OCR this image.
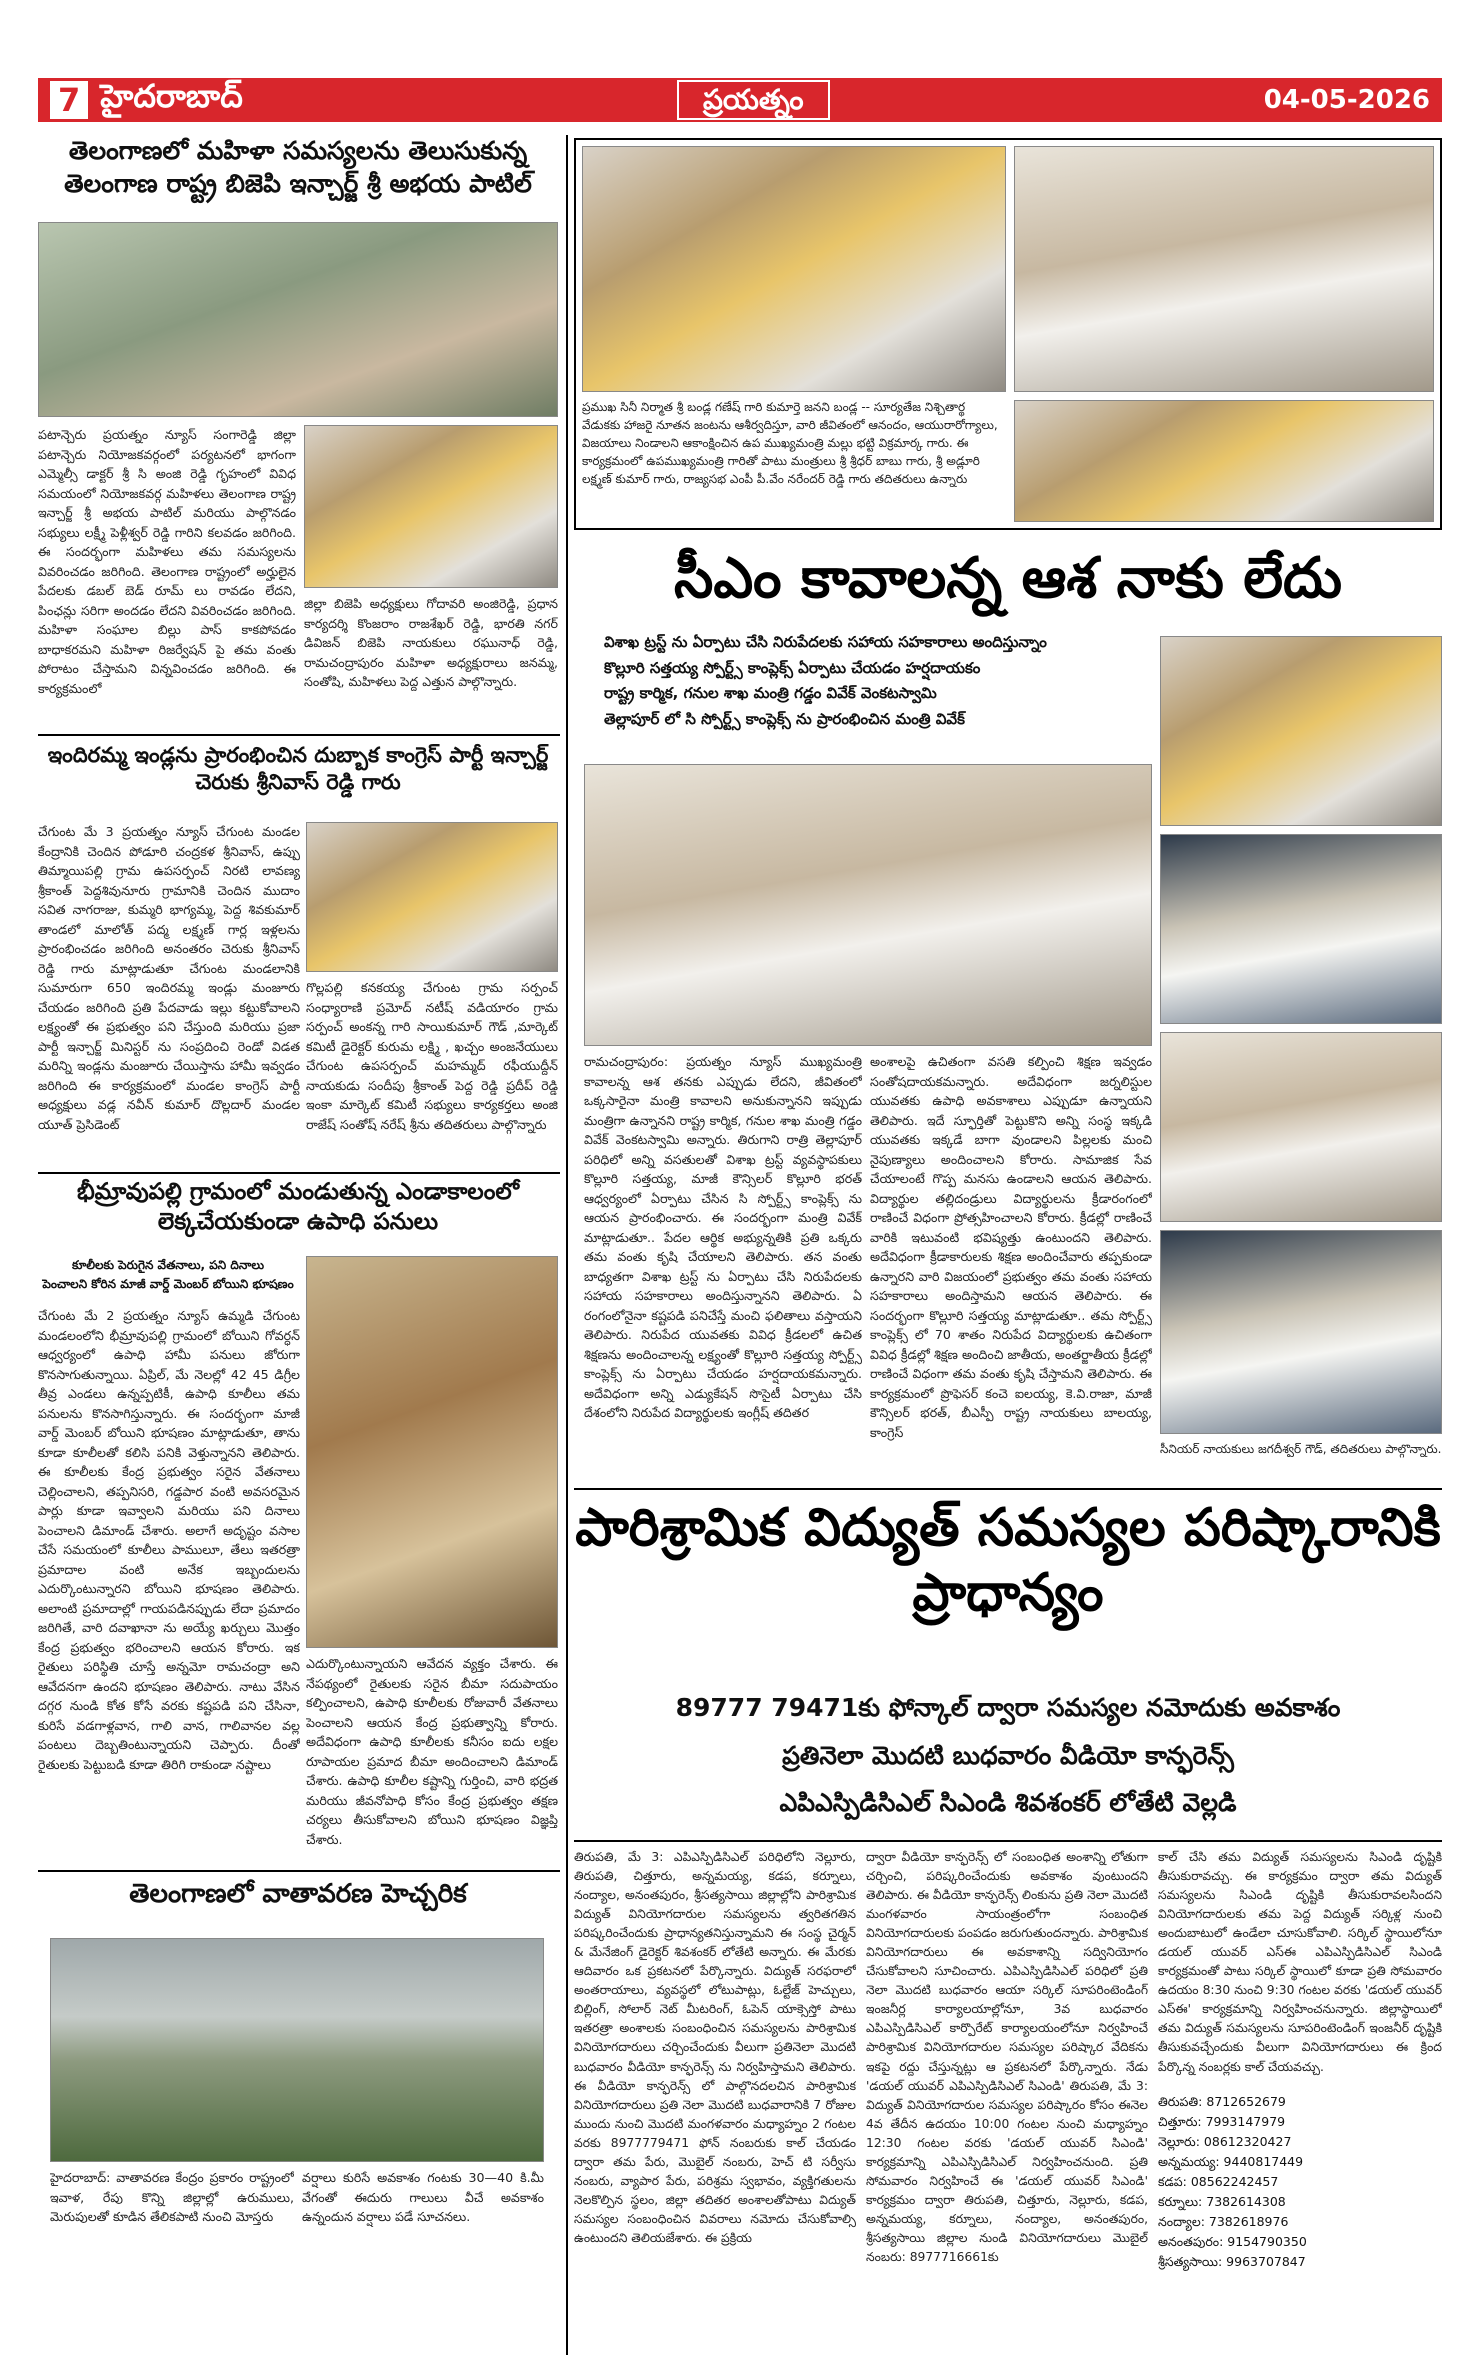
7 హైదరాబాద్	ప్రయత్నం	04-05-2026
తెలంగాణలో మహిళా సమస్యలను తెలుసుకున్న తెలంగాణ రాష్ట్ర బిజెపి ఇన్చార్జ్ శ్రీ అభయ పాటిల్
పటాన్చెరు ప్రయత్నం న్యూస్ సంగారెడ్డి జిల్లా పటాన్చెరు నియోజకవర్గంలో పర్యటనలో భాగంగా ఎమ్మెల్సీ డాక్టర్ శ్రీ సి అంజి రెడ్డి గృహంలో వివిధ సమయంలో నియోజకవర్గ మహిళలు తెలంగాణ రాష్ట్ర ఇన్చార్జ్ శ్రీ అభయ పాటిల్ మరియు పాల్గొనడం సభ్యులు లక్ష్మీ పెళ్లీశ్వర్ రెడ్డి గారిని కలవడం జరిగింది. ఈ సందర్భంగా మహిళలు తమ సమస్యలను వివరించడం జరిగింది. తెలంగాణ రాష్ట్రంలో అర్హులైన పేదలకు డబల్ బెడ్ రూమ్ లు రావడం లేదని, పింఛన్లు సరిగా అందడం లేదని వివరించడం జరిగింది. మహిళా సంఘాల బిల్లు పాస్ కాకపోవడం బాధాకరమని మహిళా రిజర్వేషన్ పై తమ వంతు పోరాటం చేస్తామని విన్నవించడం జరిగింది. ఈ కార్యక్రమంలో
జిల్లా బిజెపి అధ్యక్షులు గోదావరి అంజిరెడ్డి, ప్రధాన కార్యదర్శి కొంజరాం రాజశేఖర్ రెడ్డి, భారతి నగర్ డివిజన్ బిజెపి నాయకులు రఘునాధ్ రెడ్డి, రామచంద్రాపురం మహిళా అధ్యక్షురాలు జనమ్మ, సంతోషి, మహిళలు పెద్ద ఎత్తున పాల్గొన్నారు.
ప్రముఖ సినీ నిర్మాత శ్రీ బండ్ల గణేష్ గారి కుమార్తె జనని బండ్ల -- సూర్యతేజ నిశ్చితార్థ వేడుకకు హాజరై నూతన జంటను ఆశీర్వదిస్తూ, వారి జీవితంలో ఆనందం, ఆయురారోగ్యాలు, విజయాలు నిండాలని ఆకాంక్షించిన ఉప ముఖ్యమంత్రి మల్లు భట్టి విక్రమార్క గారు. ఈ కార్యక్రమంలో ఉపముఖ్యమంత్రి గారితో పాటు మంత్రులు శ్రీ శ్రీధర్ బాబు గారు, శ్రీ అడ్లూరి లక్ష్మణ్ కుమార్ గారు, రాజ్యసభ ఎంపీ పీ.వేం నరేందర్ రెడ్డి గారు తదితరులు ఉన్నారు
సీఎం కావాలన్న ఆశ నాకు లేదు
విశాఖ ట్రస్ట్ ను ఏర్పాటు చేసి నిరుపేదలకు సహాయ సహకారాలు అందిస్తున్నాం
కొల్లూరి సత్తయ్య స్పోర్ట్స్ కాంప్లెక్స్ ఏర్పాటు చేయడం హర్షదాయకం
రాష్ట్ర కార్మిక, గనుల శాఖ మంత్రి గడ్డం వివేక్ వెంకటస్వామి
తెల్లాపూర్ లో సి స్పోర్ట్స్ కాంప్లెక్స్ ను ప్రారంభించిన మంత్రి వివేక్
రామచంద్రాపురం: ప్రయత్నం న్యూస్ ముఖ్యమంత్రి కావాలన్న ఆశ తనకు ఎప్పుడు లేదని, జీవితంలో ఒక్కసారైనా మంత్రి కావాలని అనుకున్నానని ఇప్పుడు మంత్రిగా ఉన్నానని రాష్ట్ర కార్మిక, గనుల శాఖ మంత్రి గడ్డం వివేక్ వెంకటస్వామి అన్నారు. తిరుగాని రాత్రి తెల్లాపూర్ పరిధిలో అన్ని వసతులతో విశాఖ ట్రస్ట్ వ్యవస్థాపకులు కొల్లూరి సత్తయ్య, మాజీ కౌన్సిలర్ కొల్లూరి భరత్ ఆధ్వర్యంలో ఏర్పాటు చేసిన సి స్పోర్ట్స్ కాంప్లెక్స్ ను ఆయన ప్రారంభించారు. ఈ సందర్భంగా మంత్రి వివేక్ మాట్లాడుతూ.. పేదల ఆర్థిక అభ్యున్నతికి ప్రతి ఒక్కరు తమ వంతు కృషి చేయాలని తెలిపారు. తన వంతు బాధ్యతగా విశాఖ ట్రస్ట్ ను ఏర్పాటు చేసి నిరుపేదలకు సహాయ సహకారాలు అందిస్తున్నానని తెలిపారు. ఏ రంగంలోనైనా కష్టపడి పనిచేస్తే మంచి ఫలితాలు వస్తాయని తెలిపారు. నిరుపేద యువతకు వివిధ క్రీడలలో ఉచిత శిక్షణను అందించాలన్న లక్ష్యంతో కొల్లూరి సత్తయ్య స్పోర్ట్స్ కాంప్లెక్స్ ను ఏర్పాటు చేయడం హర్షదాయకమన్నారు. అదేవిధంగా అన్ని ఎడ్యుకేషన్ సొసైటీ ఏర్పాటు చేసి దేశంలోని నిరుపేద విద్యార్థులకు ఇంగ్లీష్ తదితర
అంశాలపై ఉచితంగా వసతి కల్పించి శిక్షణ ఇవ్వడం సంతోషదాయకమన్నారు. అదేవిధంగా జర్నలిస్టుల యువతకు ఉపాధి అవకాశాలు ఎప్పుడూ ఉన్నాయని తెలిపారు. ఇదే స్ఫూర్తితో పెట్టుకొని అన్ని సంస్థ ఇక్కడి యువతకు ఇక్కడే బాగా వుండాలని పిల్లలకు మంచి నైపుణ్యాలు అందించాలని కోరారు. సామాజిక సేవ చేయాలంటే గొప్ప మనసు ఉండాలని ఆయన తెలిపారు. విద్యార్థుల తల్లిదండ్రులు విద్యార్థులను క్రీడారంగంలో రాణించే విధంగా ప్రోత్సహించాలని కోరారు. క్రీడల్లో రాణించే వారికి ఇటువంటి భవిష్యత్తు ఉంటుందని తెలిపారు. అదేవిధంగా క్రీడాకారులకు శిక్షణ అందించేవారు తప్పకుండా ఉన్నారని వారి విజయంలో ప్రభుత్వం తమ వంతు సహాయ సహకారాలు అందిస్తామని ఆయన తెలిపారు. ఈ సందర్భంగా కొల్లూరి సత్తయ్య మాట్లాడుతూ.. తమ స్పోర్ట్స్ కాంప్లెక్స్ లో 70 శాతం నిరుపేద విద్యార్థులకు ఉచితంగా వివిధ క్రీడల్లో శిక్షణ అందించి జాతీయ, అంతర్జాతీయ క్రీడల్లో రాణించే విధంగా తమ వంతు కృషి చేస్తామని తెలిపారు. ఈ కార్యక్రమంలో ప్రొఫెసర్ కంచె ఐలయ్య, కె.వి.రాజా, మాజీ కౌన్సిలర్ భరత్, బీఎస్పీ రాష్ట్ర నాయకులు బాలయ్య, కాంగ్రెస్
సీనియర్ నాయకులు జగదీశ్వర్ గౌడ్, తదితరులు పాల్గొన్నారు.
ఇందిరమ్మ ఇండ్లను ప్రారంభించిన దుబ్బాక కాంగ్రెస్ పార్టీ ఇన్చార్జ్ చెరుకు శ్రీనివాస్ రెడ్డి గారు
చేగుంట మే 3 ప్రయత్నం న్యూస్ చేగుంట మండల కేంద్రానికి చెందిన పోడూరి చంద్రకళ శ్రీనివాస్, ఉప్పు తిమ్మాయిపల్లి గ్రామ ఉపసర్పంచ్ నిరటి లావణ్య శ్రీకాంత్ పెద్దశివునూరు గ్రామానికి చెందిన ముదాం సవిత నాగరాజు, కుమ్మరి భాగ్యమ్మ, పెద్ద శివకుమార్ తాండలో మాలోత్ పద్మ లక్ష్మణ్ గార్ల ఇళ్లలను ప్రారంభించడం జరిగింది అనంతరం చెరుకు శ్రీనివాస్ రెడ్డి గారు మాట్లాడుతూ చేగుంట మండలానికి సుమారుగా 650 ఇందిరమ్మ ఇండ్లు మంజూరు చేయడం జరిగింది ప్రతి పేదవాడు ఇల్లు కట్టుకోవాలని లక్ష్యంతో ఈ ప్రభుత్వం పని చేస్తుంది మరియు ప్రజా పార్టీ ఇన్చార్జ్ మినిస్టర్ ను సంప్రదించి రెండో విడత మరిన్ని ఇండ్లను మంజూరు చేయిస్తాను హామీ ఇవ్వడం జరిగింది ఈ కార్యక్రమంలో మండల కాంగ్రెస్ పార్టీ అధ్యక్షులు వడ్ల నవీన్ కుమార్ దొల్లదార్ మండల యూత్ ప్రెసిడెంట్
గొల్లపల్లి కనకయ్య చేగుంట గ్రామ సర్పంచ్ సంధ్యారాణి ప్రమోద్ నటీష్ వడియారం గ్రామ సర్పంచ్ అంకన్న గారి సాయికుమార్ గౌడ్ ,మార్కెట్ కమిటీ డైరెక్టర్ కురుమ లక్ష్మి , ఖచ్చం అంజనేయులు చేగుంట ఉపసర్పంచ్ మహమ్మద్ రఫీయుద్దీన్ నాయకుడు సందీపు శ్రీకాంత్ పెద్ద రెడ్డి ప్రదీప్ రెడ్డి ఇంకా మార్కెట్ కమిటీ సభ్యులు కార్యకర్తలు అంజి రాజేష్ సంతోష్ నరేష్ శ్రీను తదితరులు పాల్గొన్నారు
భీమ్రావుపల్లి గ్రామంలో మండుతున్న ఎండాకాలంలో లెక్కచేయకుండా ఉపాధి పనులు
కూలీలకు పెరుగైన వేతనాలు, పని దినాలు
పెంచాలని కోరిన మాజీ వార్డ్ మెంబర్ బోయిని భూషణం
చేగుంట మే 2 ప్రయత్నం న్యూస్ ఉమ్మడి చేగుంట మండలంలోని భీమ్రావుపల్లి గ్రామంలో బోయిని గోవర్ధన్ ఆధ్వర్యంలో ఉపాధి హామీ పనులు జోరుగా కొనసాగుతున్నాయి. ఏప్రిల్, మే నెలల్లో 42 45 డిగ్రీల తీవ్ర ఎండలు ఉన్నప్పటికీ, ఉపాధి కూలీలు తమ పనులను కొనసాగిస్తున్నారు. ఈ సందర్భంగా మాజీ వార్డ్ మెంబర్ బోయిని భూషణం మాట్లాడుతూ, తాను కూడా కూలీలతో కలిసి పనికి వెళ్తున్నానని తెలిపారు. ఈ కూలీలకు కేంద్ర ప్రభుత్వం సరైన వేతనాలు చెల్లించాలని, తప్పనిసరి, గడ్డపార వంటి అవసరమైన పార్లు కూడా ఇవ్వాలని మరియు పని దినాలు పెంచాలని డిమాండ్ చేశారు. అలాగే అదృష్టం వసాల చేసే సమయంలో కూలీలు పాములూ, తేలు ఇతరత్రా ప్రమాదాల వంటి అనేక ఇబ్బందులను ఎదుర్కొంటున్నారని బోయిని భూషణం తెలిపారు. అలాంటి ప్రమాదాల్లో గాయపడినప్పుడు లేదా ప్రమాదం జరిగితే, వారి దవాఖానా ను అయ్యే ఖర్చులు మొత్తం కేంద్ర ప్రభుత్వం భరించాలని ఆయన కోరారు. ఇక రైతులు పరిస్థితి చూస్తే అన్నమో రామచంద్రా అని ఆవేదనగా ఉందని భూషణం తెలిపారు. నాటు వేసిన దగ్గర నుండి కోత కోసే వరకు కష్టపడి పని చేసినా, కురిసే వడగాళ్లవాన, గాలి వాన, గాలివానల వల్ల పంటలు దెబ్బతింటున్నాయని చెప్పారు. దీంతో రైతులకు పెట్టుబడి కూడా తిరిగి రాకుండా నష్టాలు
ఎదుర్కొంటున్నాయని ఆవేదన వ్యక్తం చేశారు. ఈ నేపథ్యంలో రైతులకు సరైన బీమా సదుపాయం కల్పించాలని, ఉపాధి కూలీలకు రోజువారీ వేతనాలు పెంచాలని ఆయన కేంద్ర ప్రభుత్వాన్ని కోరారు. అదేవిధంగా ఉపాధి కూలీలకు కనీసం ఐదు లక్షల రూపాయల ప్రమాద బీమా అందించాలని డిమాండ్ చేశారు. ఉపాధి కూలీల కష్టాన్ని గుర్తించి, వారి భద్రత మరియు జీవనోపాధి కోసం కేంద్ర ప్రభుత్వం తక్షణ చర్యలు తీసుకోవాలని బోయిని భూషణం విజ్ఞప్తి చేశారు.
తెలంగాణలో వాతావరణ హెచ్చరిక
హైదరాబాద్: వాతావరణ కేంద్రం ప్రకారం రాష్ట్రంలో ఇవాళ, రేపు కొన్ని జిల్లాల్లో ఉరుములు, మెరుపులతో కూడిన తేలికపాటి నుంచి మోస్తరు
వర్షాలు కురిసే అవకాశం గంటకు 30—40 కి.మీ వేగంతో ఈదురు గాలులు వీచే అవకాశం ఉన్నందున వర్షాలు పడే సూచనలు.
పారిశ్రామిక విద్యుత్ సమస్యల పరిష్కారానికి ప్రాధాన్యం
89777 79471కు ఫోన్కాల్ ద్వారా సమస్యల నమోదుకు అవకాశం
ప్రతినెలా మొదటి బుధవారం వీడియో కాన్ఫరెన్స్
ఎపిఎస్పిడిసిఎల్ సిఎండి శివశంకర్ లోతేటి వెల్లడి
తిరుపతి, మే 3: ఎపిఎస్పిడిసిఎల్ పరిధిలోని నెల్లూరు, తిరుపతి, చిత్తూరు, అన్నమయ్య, కడప, కర్నూలు, నంద్యాల, అనంతపురం, శ్రీసత్యసాయి జిల్లాల్లోని పారిశ్రామిక విద్యుత్ వినియోగదారుల సమస్యలను త్వరితగతిన పరిష్కరించేందుకు ప్రాధాన్యతనిస్తున్నామని ఈ సంస్థ చైర్మన్ & మేనేజింగ్ డైరెక్టర్ శివశంకర్ లోతేటి అన్నారు. ఈ మేరకు ఆదివారం ఒక ప్రకటనలో పేర్కొన్నారు. విద్యుత్ సరఫరాలో అంతరాయాలు, వ్యవస్థలో లోటుపాట్లు, ఓల్టేజ్ హెచ్చులు, బిల్లింగ్, సోలార్ నెట్ మీటరింగ్, ఓపెన్ యాక్సెస్తో పాటు ఇతరత్రా అంశాలకు సంబంధించిన సమస్యలను పారిశ్రామిక వినియోగదారులు చర్చించేందుకు వీలుగా ప్రతినెలా మొదటి బుధవారం వీడియో కాన్ఫరెన్స్ ను నిర్వహిస్తామని తెలిపారు. ఈ వీడియో కాన్ఫరెన్స్ లో పాల్గొనదలచిన పారిశ్రామిక వినియోగదారులు ప్రతి నెలా మొదటి బుధవారానికి 7 రోజుల ముందు నుంచి మొదటి మంగళవారం మధ్యాహ్నం 2 గంటల వరకు 8977779471 ఫోన్ నంబరుకు కాల్ చేయడం ద్వారా తమ పేరు, మొబైల్ నంబరు, హెచ్ టి సర్వీసు నంబరు, వ్యాపార పేరు, పరిశ్రమ స్వభావం, వ్యక్తిగతులను నెలకొల్పిన స్థలం, జిల్లా తదితర అంశాలతోపాటు విద్యుత్ సమస్యల సంబంధించిన వివరాలు నమోదు చేసుకోవాల్సి ఉంటుందని తెలియజేశారు. ఈ ప్రక్రియ
ద్వారా వీడియో కాన్ఫరెన్స్ లో సంబంధిత అంశాన్ని లోతుగా చర్చించి, పరిష్కరించేందుకు అవకాశం వుంటుందని తెలిపారు. ఈ వీడియో కాన్ఫరెన్స్ లింకును ప్రతి నెలా మొదటి మంగళవారం సాయంత్రంలోగా సంబంధిత వినియోగదారులకు పంపడం జరుగుతుందన్నారు. పారిశ్రామిక వినియోగదారులు ఈ అవకాశాన్ని సద్వినియోగం చేసుకోవాలని సూచించారు. ఎపిఎస్పిడిసిఎల్ పరిధిలో ప్రతి నెలా మొదటి బుధవారం ఆయా సర్కిల్ సూపరింటెండింగ్ ఇంజనీర్ల కార్యాలయాల్లోనూ, 3వ బుధవారం ఎపిఎస్పిడిసిఎల్ కార్పొరేట్ కార్యాలయంలోనూ నిర్వహించే పారిశ్రామిక వినియోగదారుల సమస్యల పరిష్కార వేదికను ఇకపై రద్దు చేస్తున్నట్లు ఆ ప్రకటనలో పేర్కొన్నారు. నేడు 'డయల్ యువర్ ఎపిఎస్పిడిసిఎల్ సిఎండి' తిరుపతి, మే 3: విద్యుత్ వినియోగదారుల సమస్యల పరిష్కారం కోసం ఈనెల 4వ తేదీన ఉదయం 10:00 గంటల నుంచి మధ్యాహ్నం 12:30 గంటల వరకు 'డయల్ యువర్ సిఎండి' కార్యక్రమాన్ని ఎపిఎస్పిడిసిఎల్ నిర్వహించనుంది. ప్రతి సోమవారం నిర్వహించే ఈ 'డయల్ యువర్ సిఎండి' కార్యక్రమం ద్వారా తిరుపతి, చిత్తూరు, నెల్లూరు, కడప, అన్నమయ్య, కర్నూలు, నంద్యాల, అనంతపురం, శ్రీసత్యసాయి జిల్లాల నుండి వినియోగదారులు మొబైల్ నంబరు: 8977716661కు
కాల్ చేసి తమ విద్యుత్ సమస్యలను సిఎండి దృష్టికి తీసుకురావచ్చు. ఈ కార్యక్రమం ద్వారా తమ విద్యుత్ సమస్యలను సిఎండి దృష్టికి తీసుకురావలసిందని వినియోగదారులకు తమ పెద్ద విద్యుత్ సర్కిళ్ల నుంచి అందుబాటులో ఉండేలా చూసుకోవాలి. సర్కిల్ స్థాయిలోనూ డయల్ యువర్ ఎస్ఈ ఎపిఎస్పిడిసిఎల్ సిఎండి కార్యక్రమంతో పాటు సర్కిల్ స్థాయిలో కూడా ప్రతి సోమవారం ఉదయం 8:30 నుంచి 9:30 గంటల వరకు 'డయల్ యువర్ ఎస్ఈ' కార్యక్రమాన్ని నిర్వహించనున్నారు. జిల్లాస్థాయిలో తమ విద్యుత్ సమస్యలను సూపరింటెండింగ్ ఇంజనీర్ దృష్టికి తీసుకువచ్చేందుకు వీలుగా వినియోగదారులు ఈ క్రింద పేర్కొన్న నంబర్లకు కాల్ చేయవచ్చు.
తిరుపతి: 8712652679
చిత్తూరు: 7993147979
నెల్లూరు: 08612320427
అన్నమయ్య: 9440817449
కడప: 08562242457
కర్నూలు: 7382614308
నంద్యాల: 7382618976
అనంతపురం: 9154790350
శ్రీసత్యసాయి: 9963707847
